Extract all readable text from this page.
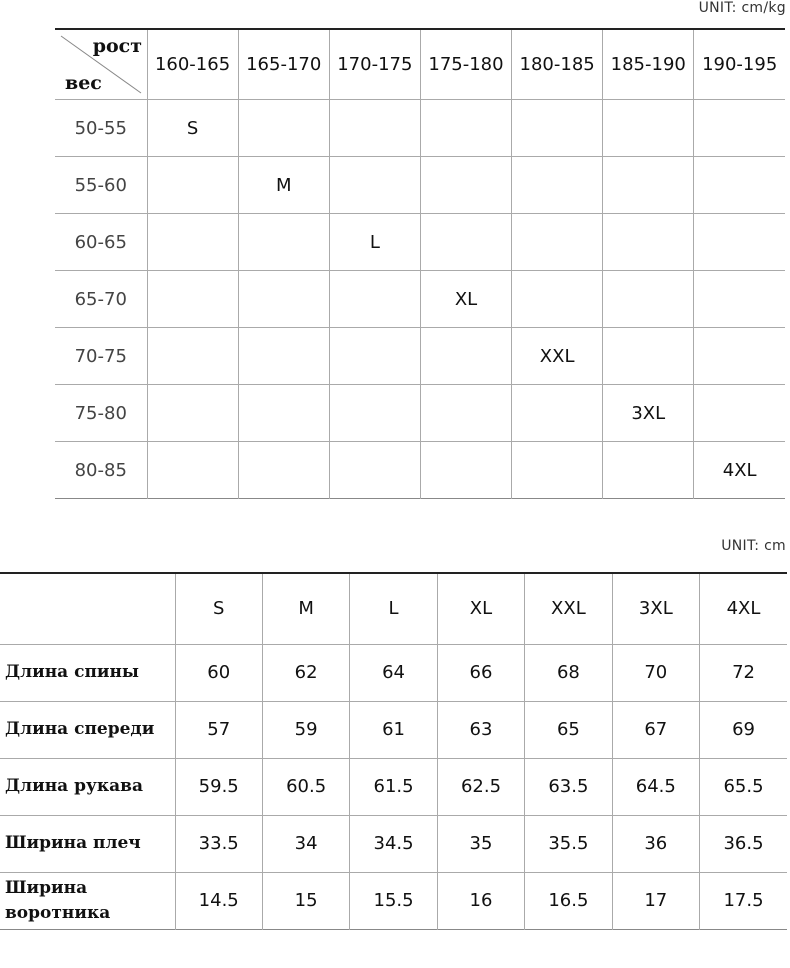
UNIT: cm/kg
рост
вес	160-165	165-170	170-175	175-180	180-185	185-190	190-195
50-55	S						
55-60		M					
60-65			L				
65-70				XL			
70-75					XXL		
75-80						3XL	
80-85							4XL
UNIT: cm
	S	M	L	XL	XXL	3XL	4XL
Длина спины	60	62	64	66	68	70	72
Длина спереди	57	59	61	63	65	67	69
Длина рукава	59.5	60.5	61.5	62.5	63.5	64.5	65.5
Ширина плеч	33.5	34	34.5	35	35.5	36	36.5
Ширина воротника	14.5	15	15.5	16	16.5	17	17.5
